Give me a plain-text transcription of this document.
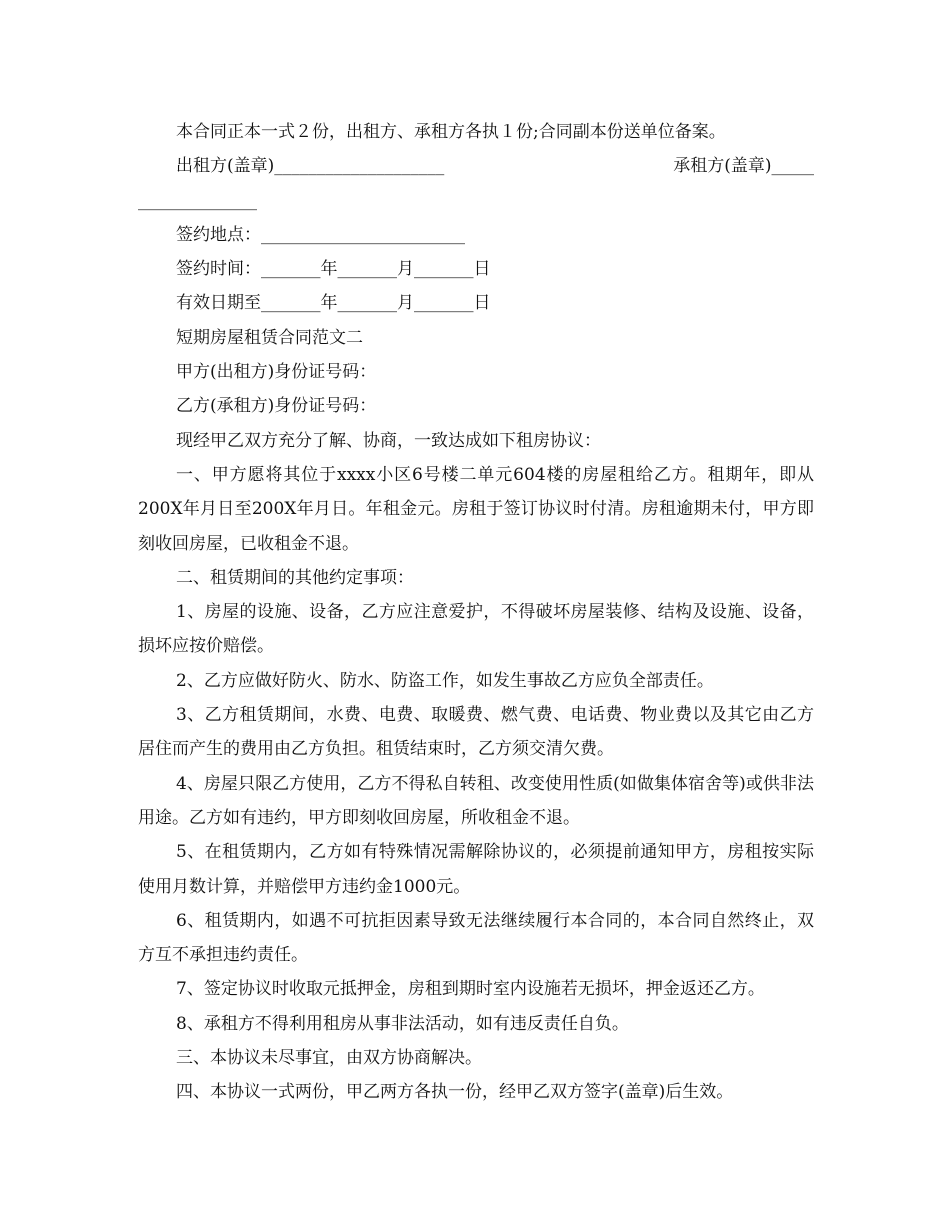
本合同正本一式２份，出租方、承租方各执１份;合同副本份送单位备案。
出租方(盖章)____________________	承租方(盖章)_____
______________
签约地点：________________________
签约时间：_______年_______月_______日
有效日期至_______年_______月_______日
短期房屋租赁合同范文二
甲方(出租方)身份证号码：
乙方(承租方)身份证号码：
现经甲乙双方充分了解、协商，一致达成如下租房协议：
一、甲方愿将其位于xxxx小区6号楼二单元604楼的房屋租给乙方。租期年，即从200X年月日至200X年月日。年租金元。房租于签订协议时付清。房租逾期未付，甲方即刻收回房屋，已收租金不退。
二、租赁期间的其他约定事项：
1、房屋的设施、设备，乙方应注意爱护，不得破坏房屋装修、结构及设施、设备，损坏应按价赔偿。
2、乙方应做好防火、防水、防盗工作，如发生事故乙方应负全部责任。
3、乙方租赁期间，水费、电费、取暖费、燃气费、电话费、物业费以及其它由乙方居住而产生的费用由乙方负担。租赁结束时，乙方须交清欠费。
4、房屋只限乙方使用，乙方不得私自转租、改变使用性质(如做集体宿舍等)或供非法用途。乙方如有违约，甲方即刻收回房屋，所收租金不退。
5、在租赁期内，乙方如有特殊情况需解除协议的，必须提前通知甲方，房租按实际使用月数计算，并赔偿甲方违约金1000元。
6、租赁期内，如遇不可抗拒因素导致无法继续履行本合同的，本合同自然终止，双方互不承担违约责任。
7、签定协议时收取元抵押金，房租到期时室内设施若无损坏，押金返还乙方。
8、承租方不得利用租房从事非法活动，如有违反责任自负。
三、本协议未尽事宜，由双方协商解决。
四、本协议一式两份，甲乙两方各执一份，经甲乙双方签字(盖章)后生效。
